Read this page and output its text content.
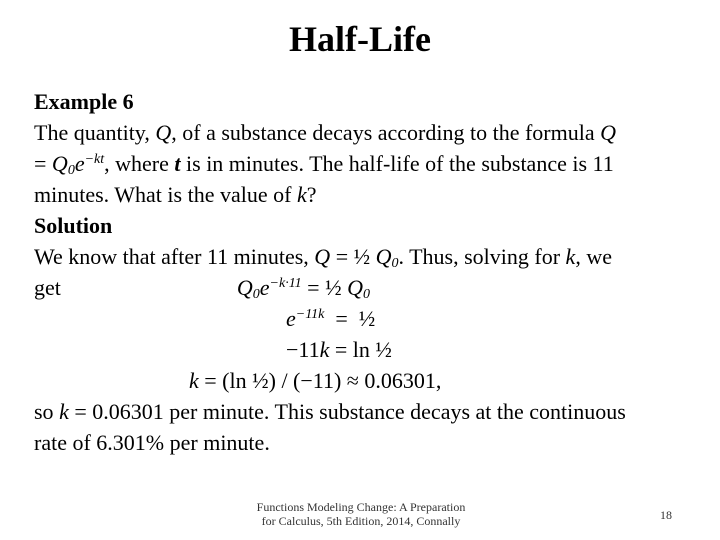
Half-Life
Example 6
The quantity, Q, of a substance decays according to the formula Q
= $Q_0e^{-kt}$, where t is in minutes. The half-life of the substance is 11
minutes. What is the value of k?
Solution
We know that after 11 minutes, Q = ½ $Q_0$. Thus, solving for k, we
get	$Q_0e^{-k\cdot 11}$ = ½ $Q_0$
$e^{-11k}$  =  ½
−11k = ln ½
k = (ln ½) / (−11) ≈ 0.06301,
so k = 0.06301 per minute. This substance decays at the continuous
rate of 6.301% per minute.
Functions Modeling Change: A Preparation
for Calculus, 5th Edition, 2014, Connally	18
